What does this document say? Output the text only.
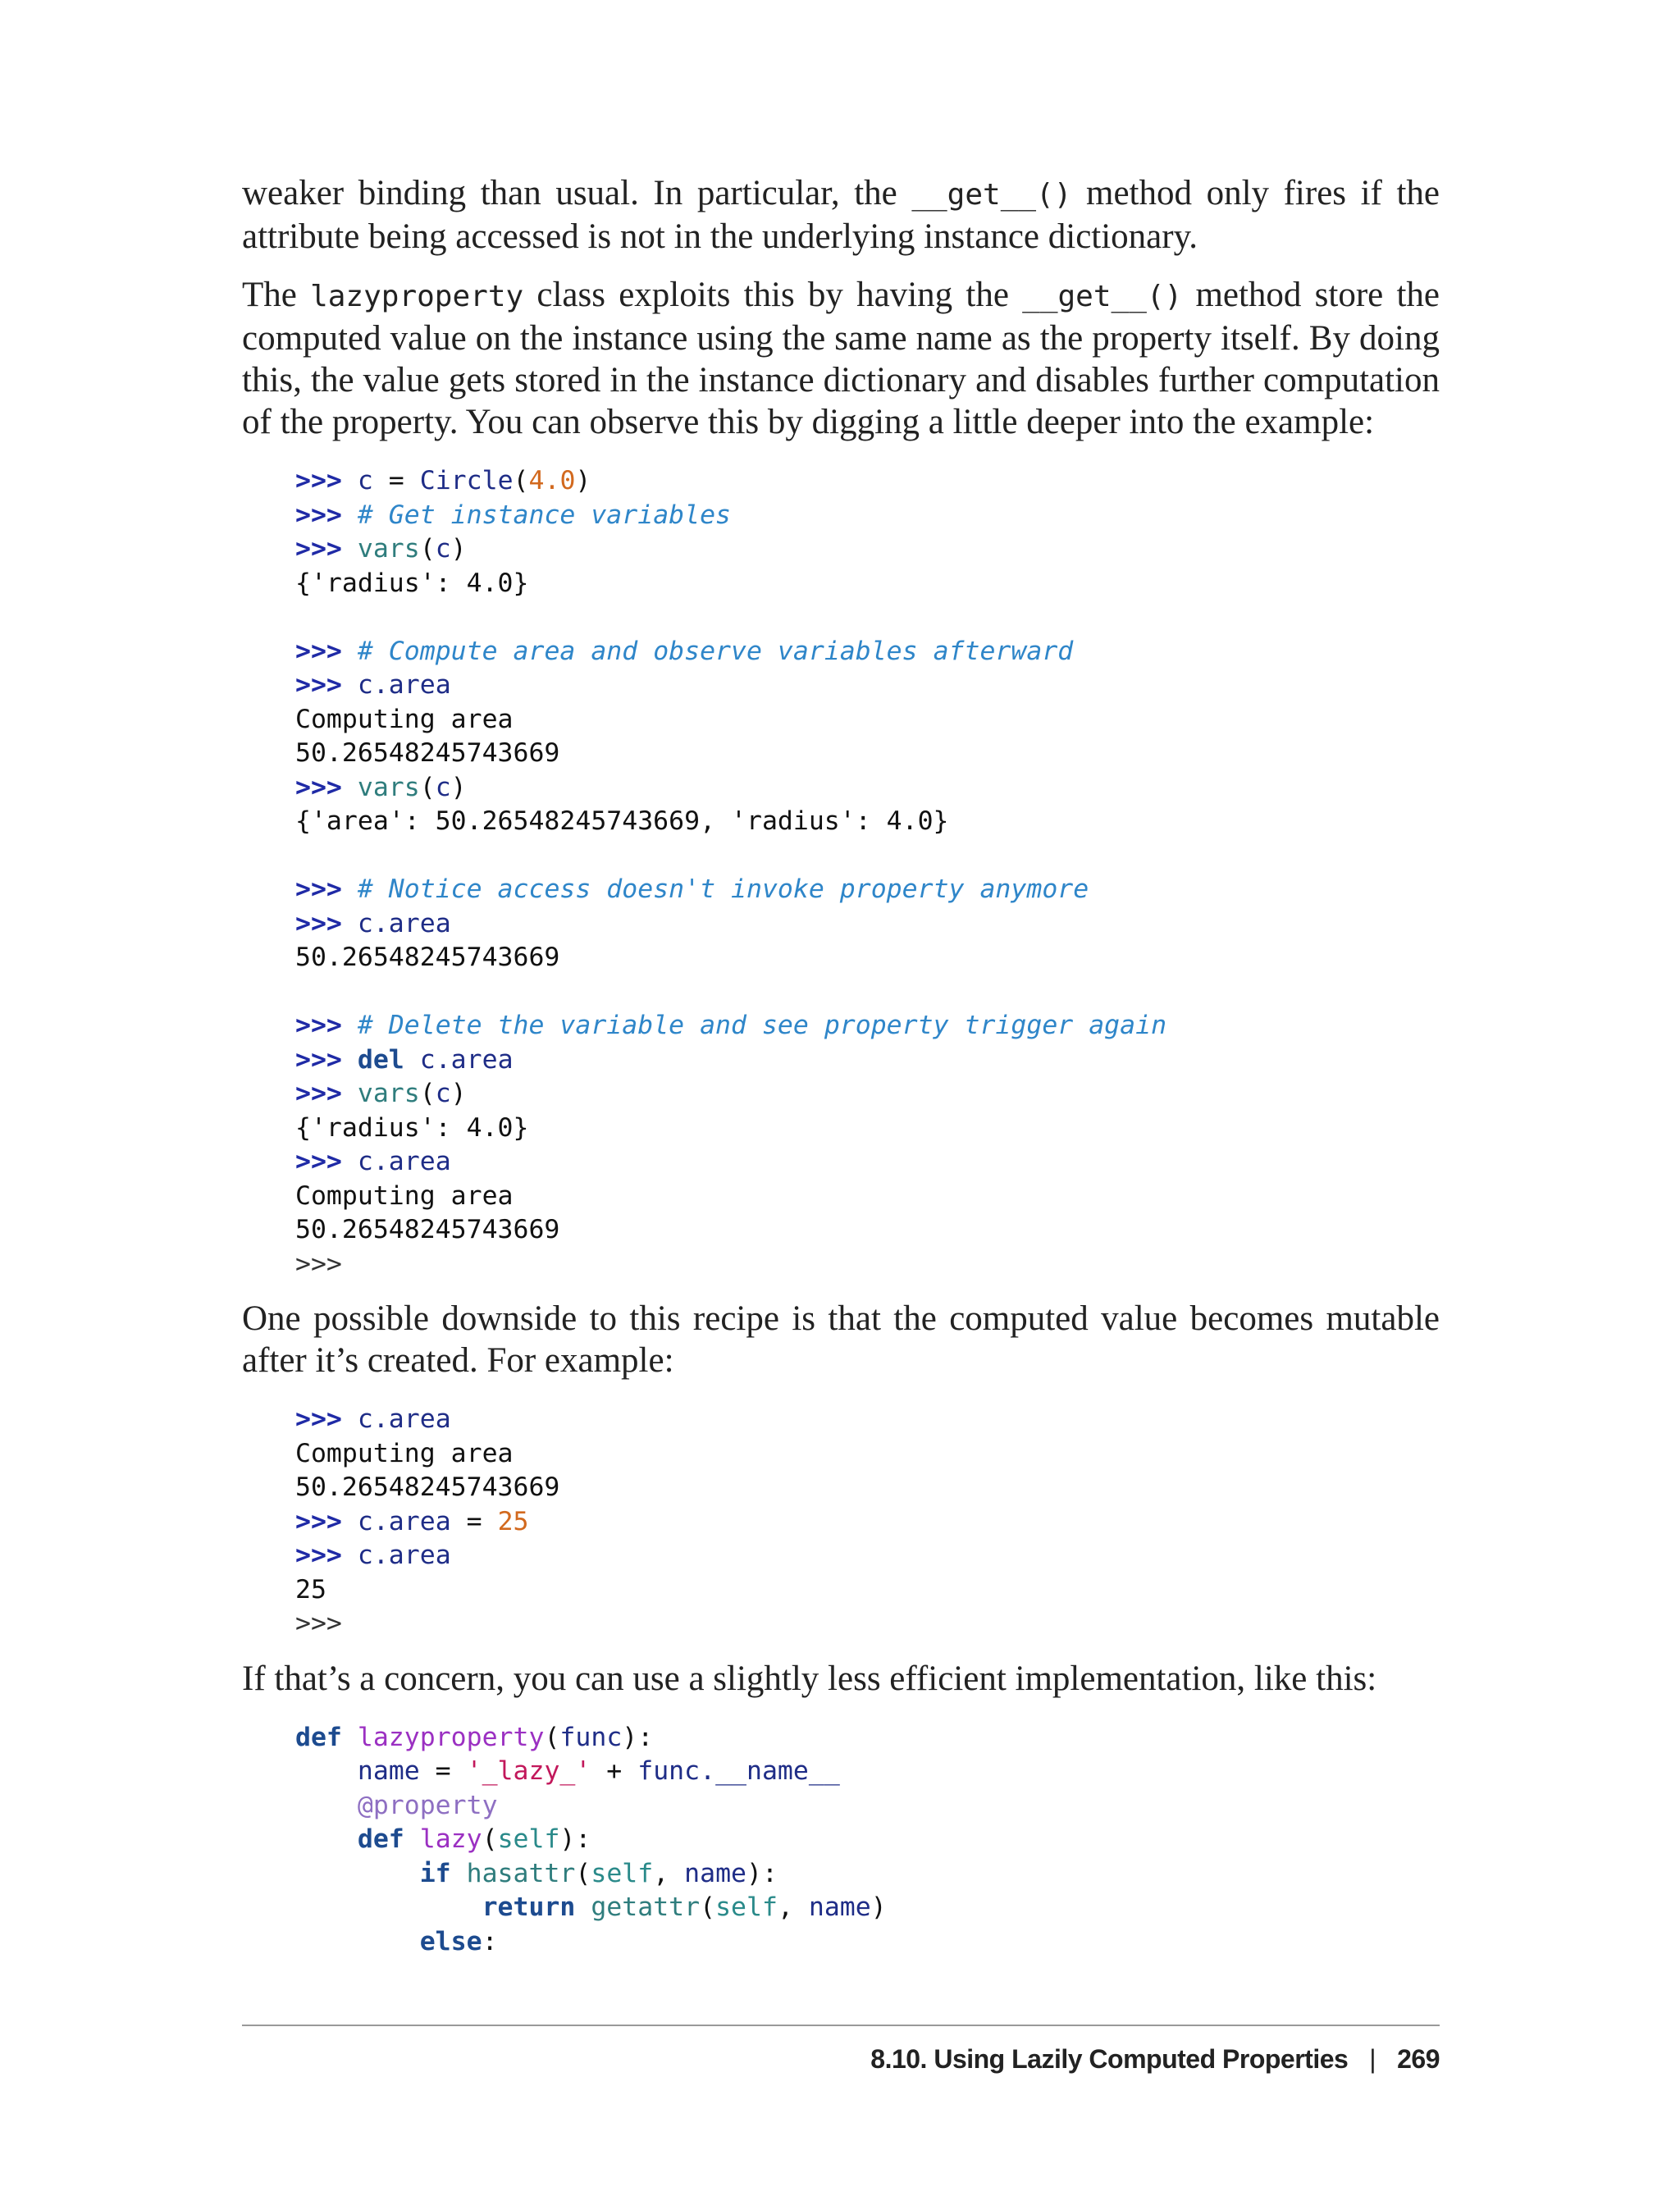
weaker binding than usual. In particular, the __get__() method only fires if the attribute being accessed is not in the underlying instance dictionary.

The lazyproperty class exploits this by having the __get__() method store the computed value on the instance using the same name as the property itself. By doing this, the value gets stored in the instance dictionary and disables further computation of the property. You can observe this by digging a little deeper into the example:

>>> c = Circle(4.0)
>>> # Get instance variables
>>> vars(c)
{'radius': 4.0}

>>> # Compute area and observe variables afterward
>>> c.area
Computing area
50.26548245743669
>>> vars(c)
{'area': 50.26548245743669, 'radius': 4.0}

>>> # Notice access doesn't invoke property anymore
>>> c.area
50.26548245743669

>>> # Delete the variable and see property trigger again
>>> del c.area
>>> vars(c)
{'radius': 4.0}
>>> c.area
Computing area
50.26548245743669
>>>

One possible downside to this recipe is that the computed value becomes mutable after it’s created. For example:

>>> c.area
Computing area
50.26548245743669
>>> c.area = 25
>>> c.area
25
>>>

If that’s a concern, you can use a slightly less efficient implementation, like this:

def lazyproperty(func):
name = '_lazy_' + func.__name__
@property
def lazy(self):
if hasattr(self, name):
return getattr(self, name)
else:
8.10. Using Lazily Computed Properties | 269
